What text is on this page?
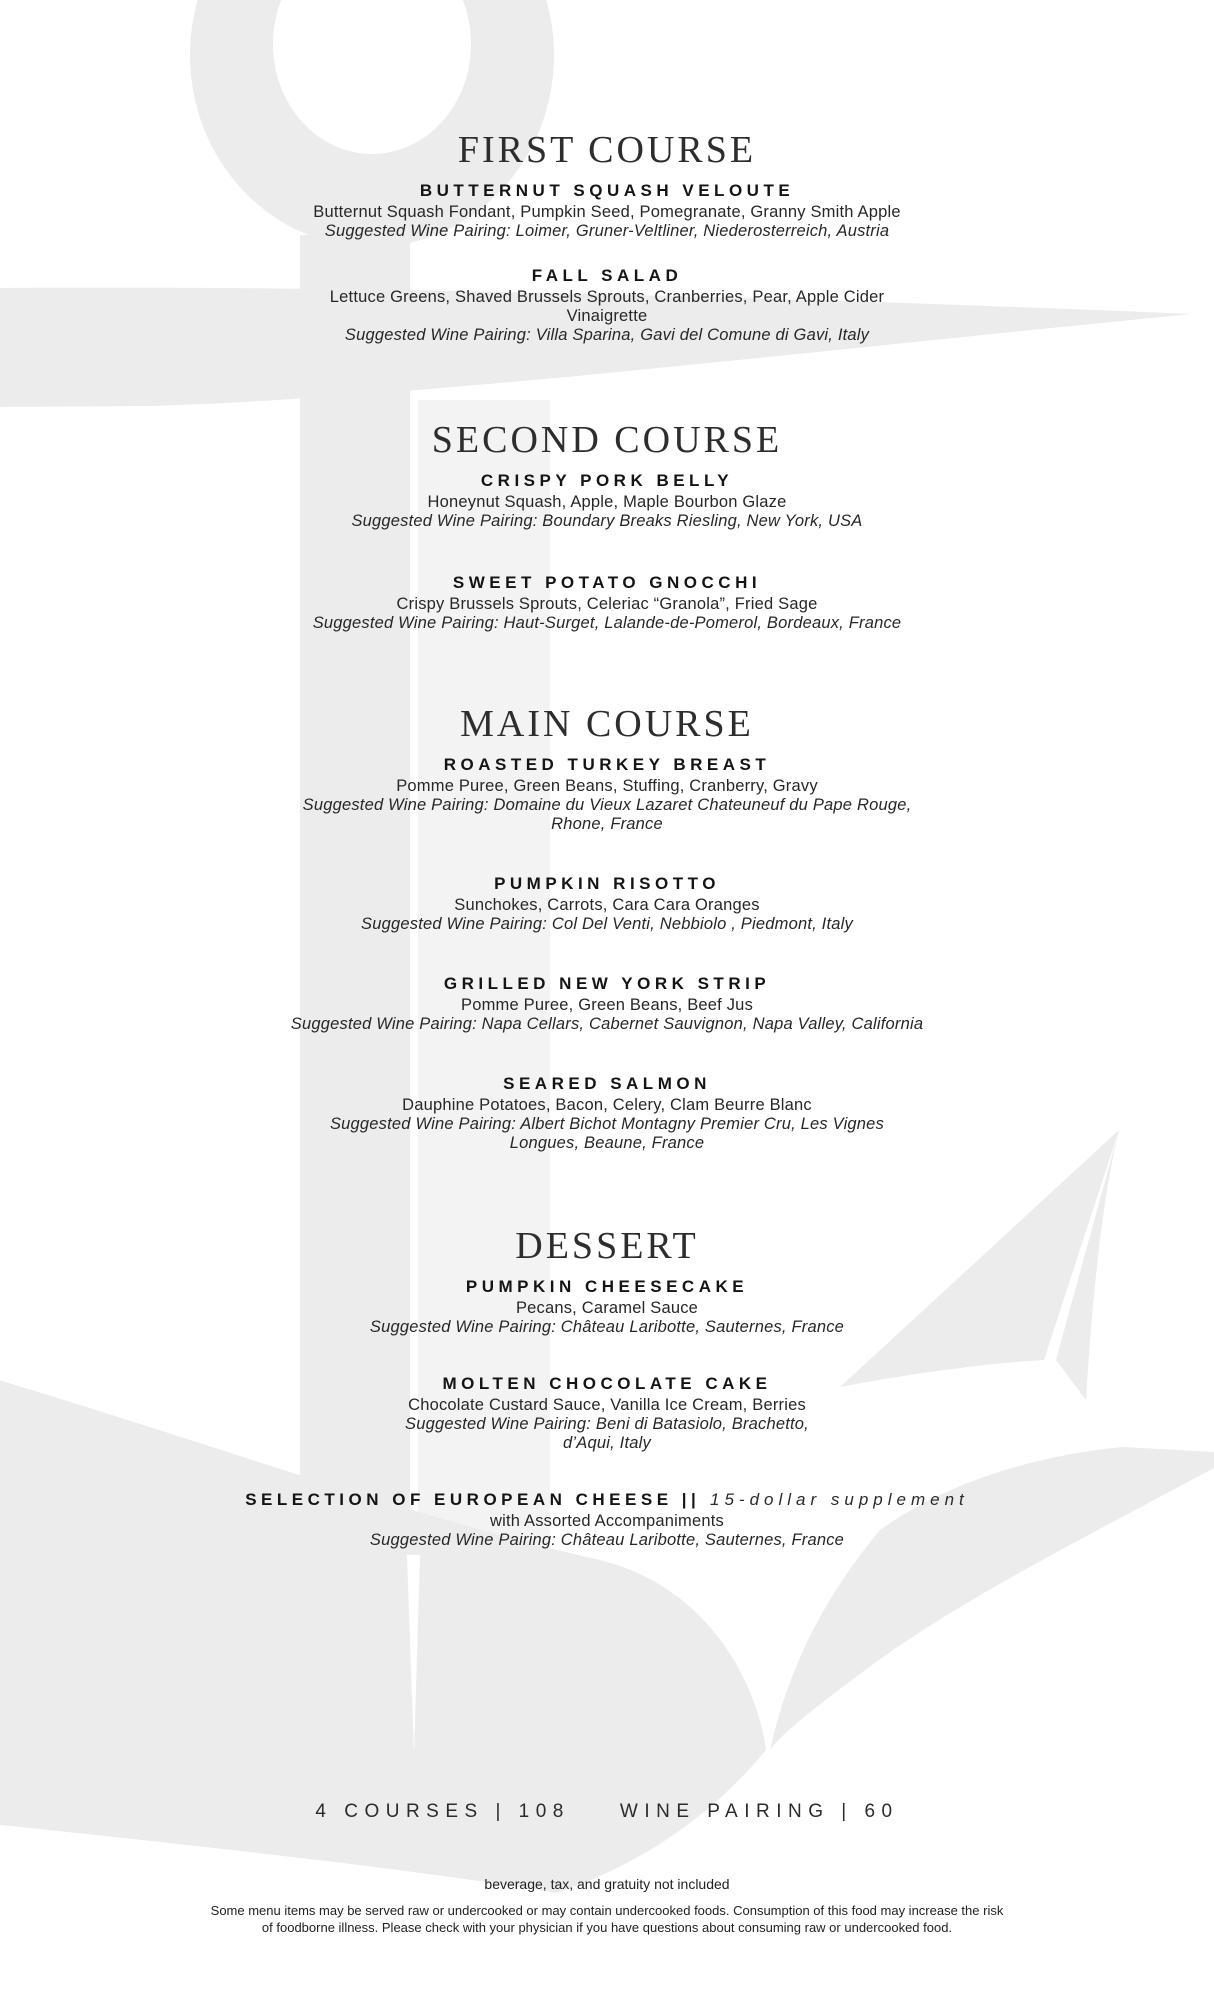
FIRST COURSE
BUTTERNUT SQUASH VELOUTE
Butternut Squash Fondant, Pumpkin Seed, Pomegranate, Granny Smith Apple
Suggested Wine Pairing: Loimer, Gruner-Veltliner, Niederosterreich, Austria
FALL SALAD
Lettuce Greens, Shaved Brussels Sprouts, Cranberries, Pear, Apple Cider
Vinaigrette
Suggested Wine Pairing: Villa Sparina, Gavi del Comune di Gavi, Italy
SECOND COURSE
CRISPY PORK BELLY
Honeynut Squash, Apple, Maple Bourbon Glaze
Suggested Wine Pairing: Boundary Breaks Riesling, New York, USA
SWEET POTATO GNOCCHI
Crispy Brussels Sprouts, Celeriac “Granola”, Fried Sage
Suggested Wine Pairing: Haut-Surget, Lalande-de-Pomerol, Bordeaux, France
MAIN COURSE
ROASTED TURKEY BREAST
Pomme Puree, Green Beans, Stuffing, Cranberry, Gravy
Suggested Wine Pairing: Domaine du Vieux Lazaret Chateuneuf du Pape Rouge,
Rhone, France
PUMPKIN RISOTTO
Sunchokes, Carrots, Cara Cara Oranges
Suggested Wine Pairing: Col Del Venti, Nebbiolo , Piedmont, Italy
GRILLED NEW YORK STRIP
Pomme Puree, Green Beans, Beef Jus
Suggested Wine Pairing: Napa Cellars, Cabernet Sauvignon, Napa Valley, California
SEARED SALMON
Dauphine Potatoes, Bacon, Celery, Clam Beurre Blanc
Suggested Wine Pairing: Albert Bichot Montagny Premier Cru, Les Vignes
Longues, Beaune, France
DESSERT
PUMPKIN CHEESECAKE
Pecans, Caramel Sauce
Suggested Wine Pairing: Château Laribotte, Sauternes, France
MOLTEN CHOCOLATE CAKE
Chocolate Custard Sauce, Vanilla Ice Cream, Berries
Suggested Wine Pairing: Beni di Batasiolo, Brachetto,
d’Aqui, Italy
SELECTION OF EUROPEAN CHEESE || 15-dollar supplement
with Assorted Accompaniments
Suggested Wine Pairing: Château Laribotte, Sauternes, France
4 COURSES | 108	WINE PAIRING | 60
beverage, tax, and gratuity not included
Some menu items may be served raw or undercooked or may contain undercooked foods. Consumption of this food may increase the risk
of foodborne illness. Please check with your physician if you have questions about consuming raw or undercooked food.
